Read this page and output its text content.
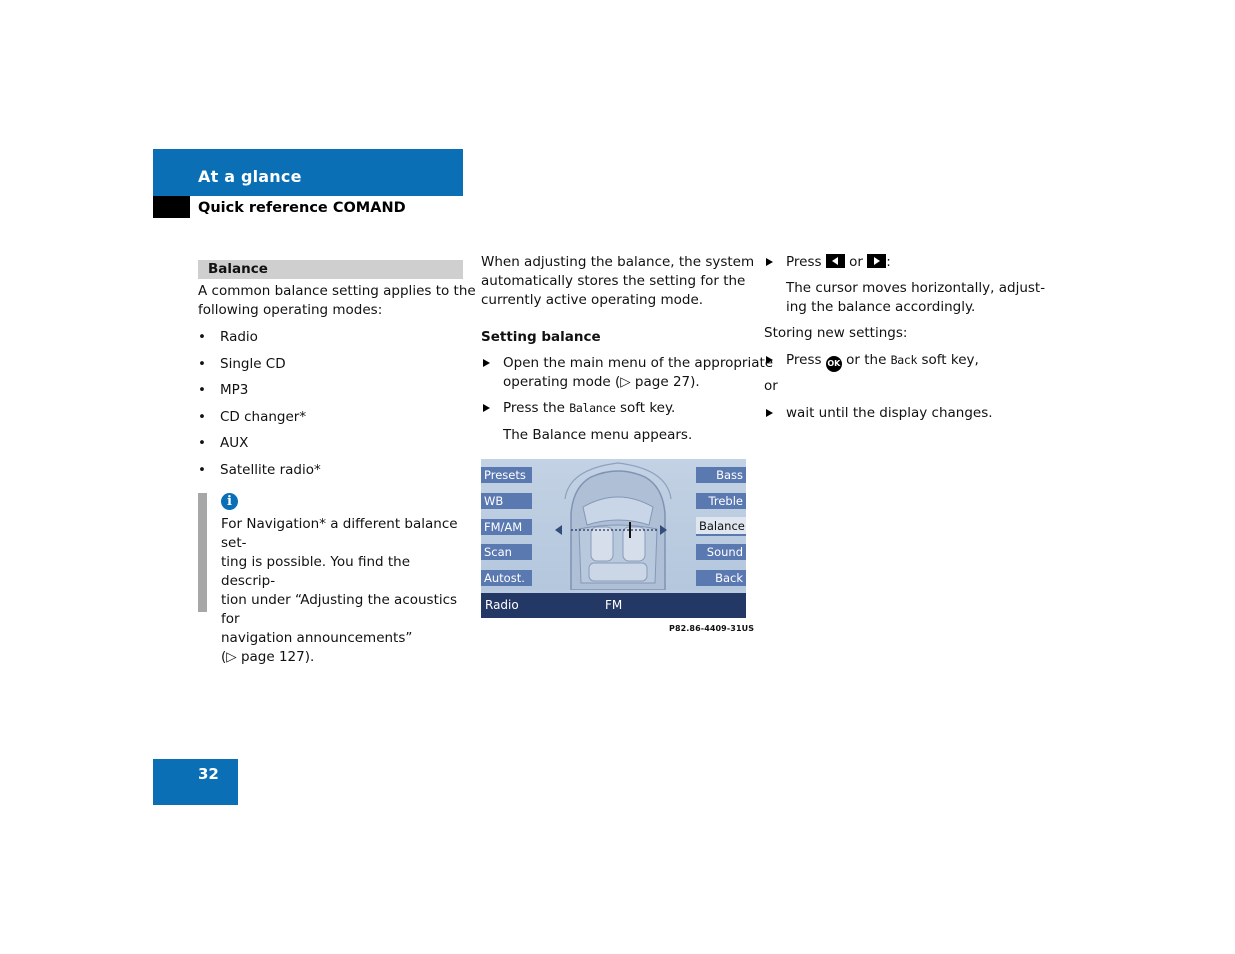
At a glance
Quick reference COMAND
Balance
A common balance setting applies to the
following operating modes:
• Radio
• Single CD
• MP3
• CD changer*
• AUX
• Satellite radio*
i
For Navigation* a different balance set-
ting is possible. You find the descrip-
tion under “Adjusting the acoustics for
navigation announcements”
(▷ page 127).
When adjusting the balance, the system
automatically stores the setting for the
currently active operating mode.
Setting balance
Open the main menu of the appropriate
operating mode (▷ page 27).
Press the Balance soft key.
The Balance menu appears.
Presets
WB
FM/AM
Scan
Autost.
Bass
Treble
Balance
Sound
Back
Radio	FM
P82.86-4409-31US
Press  or :
The cursor moves horizontally, adjust-
ing the balance accordingly.
Storing new settings:
Press OK or the Back soft key,
or
wait until the display changes.
32
